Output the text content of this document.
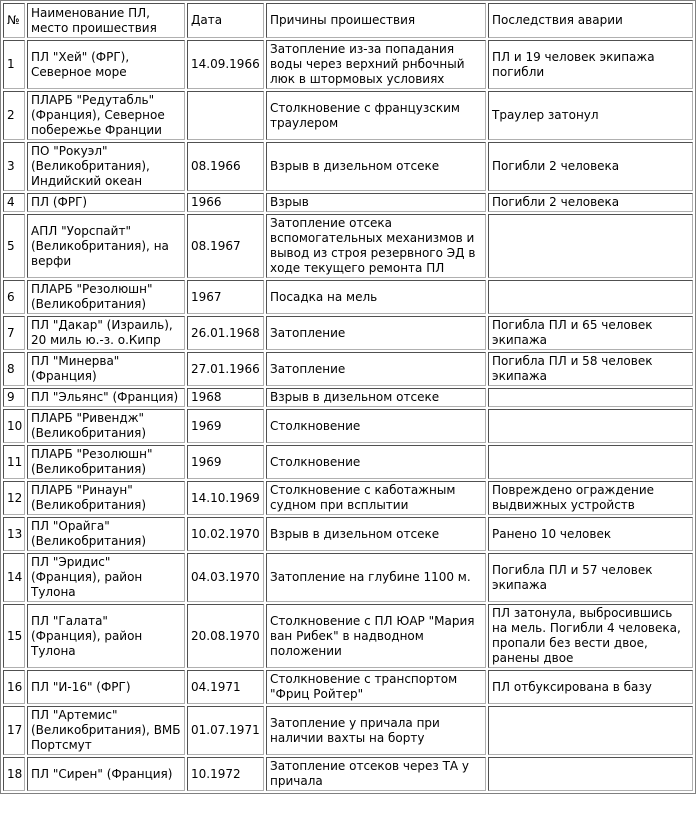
№	Наименование ПЛ, место проишествия	Дата	Причины проишествия	Последствия аварии
1	ПЛ "Хей" (ФРГ), Северное море	14.09.1966	Затопление из-за попадания воды через верхний рнбочный люк в штормовых условиях	ПЛ и 19 человек экипажа погибли
2	ПЛАРБ "Редутабль" (Франция), Северное побережье Франции		Столкновение с французским траулером	Траулер затонул
3	ПО "Рокуэл" (Великобритания), Индийский океан	08.1966	Взрыв в дизельном отсеке	Погибли 2 человека
4	ПЛ (ФРГ)	1966	Взрыв	Погибли 2 человека
5	АПЛ "Уорспайт" (Великобритания), на верфи	08.1967	Затопление отсека вспомогательных механизмов и вывод из строя резервного ЭД в ходе текущего ремонта ПЛ	
6	ПЛАРБ "Резолюшн" (Великобритания)	1967	Посадка на мель	
7	ПЛ "Дакар" (Израиль), 20 миль ю.-з. о.Кипр	26.01.1968	Затопление	Погибла ПЛ и 65 человек экипажа
8	ПЛ "Минерва" (Франция)	27.01.1966	Затопление	Погибла ПЛ и 58 человек экипажа
9	ПЛ "Эльянс" (Франция)	1968	Взрыв в дизельном отсеке	
10	ПЛАРБ "Ривендж" (Великобритания)	1969	Столкновение	
11	ПЛАРБ "Резолюшн" (Великобритания)	1969	Столкновение	
12	ПЛАРБ "Ринаун" (Великобритания)	14.10.1969	Столкновение с каботажным судном при всплытии	Повреждено ограждение выдвижных устройств
13	ПЛ "Орайга" (Великобритания)	10.02.1970	Взрыв в дизельном отсеке	Ранено 10 человек
14	ПЛ "Эридис" (Франция), район Тулона	04.03.1970	Затопление на глубине 1100 м.	Погибла ПЛ и 57 человек экипажа
15	ПЛ "Галата" (Франция), район Тулона	20.08.1970	Столкновение с ПЛ ЮАР "Мария ван Рибек" в надводном положении	ПЛ затонула, выбросившись на мель. Погибли 4 человека, пропали без вести двое, ранены двое
16	ПЛ "И-16" (ФРГ)	04.1971	Столкновение с транспортом "Фриц Ройтер"	ПЛ отбуксирована в базу
17	ПЛ "Артемис" (Великобритания), ВМБ Портсмут	01.07.1971	Затопление у причала при наличии вахты на борту	
18	ПЛ "Сирен" (Франция)	10.1972	Затопление отсеков через ТА у причала	
